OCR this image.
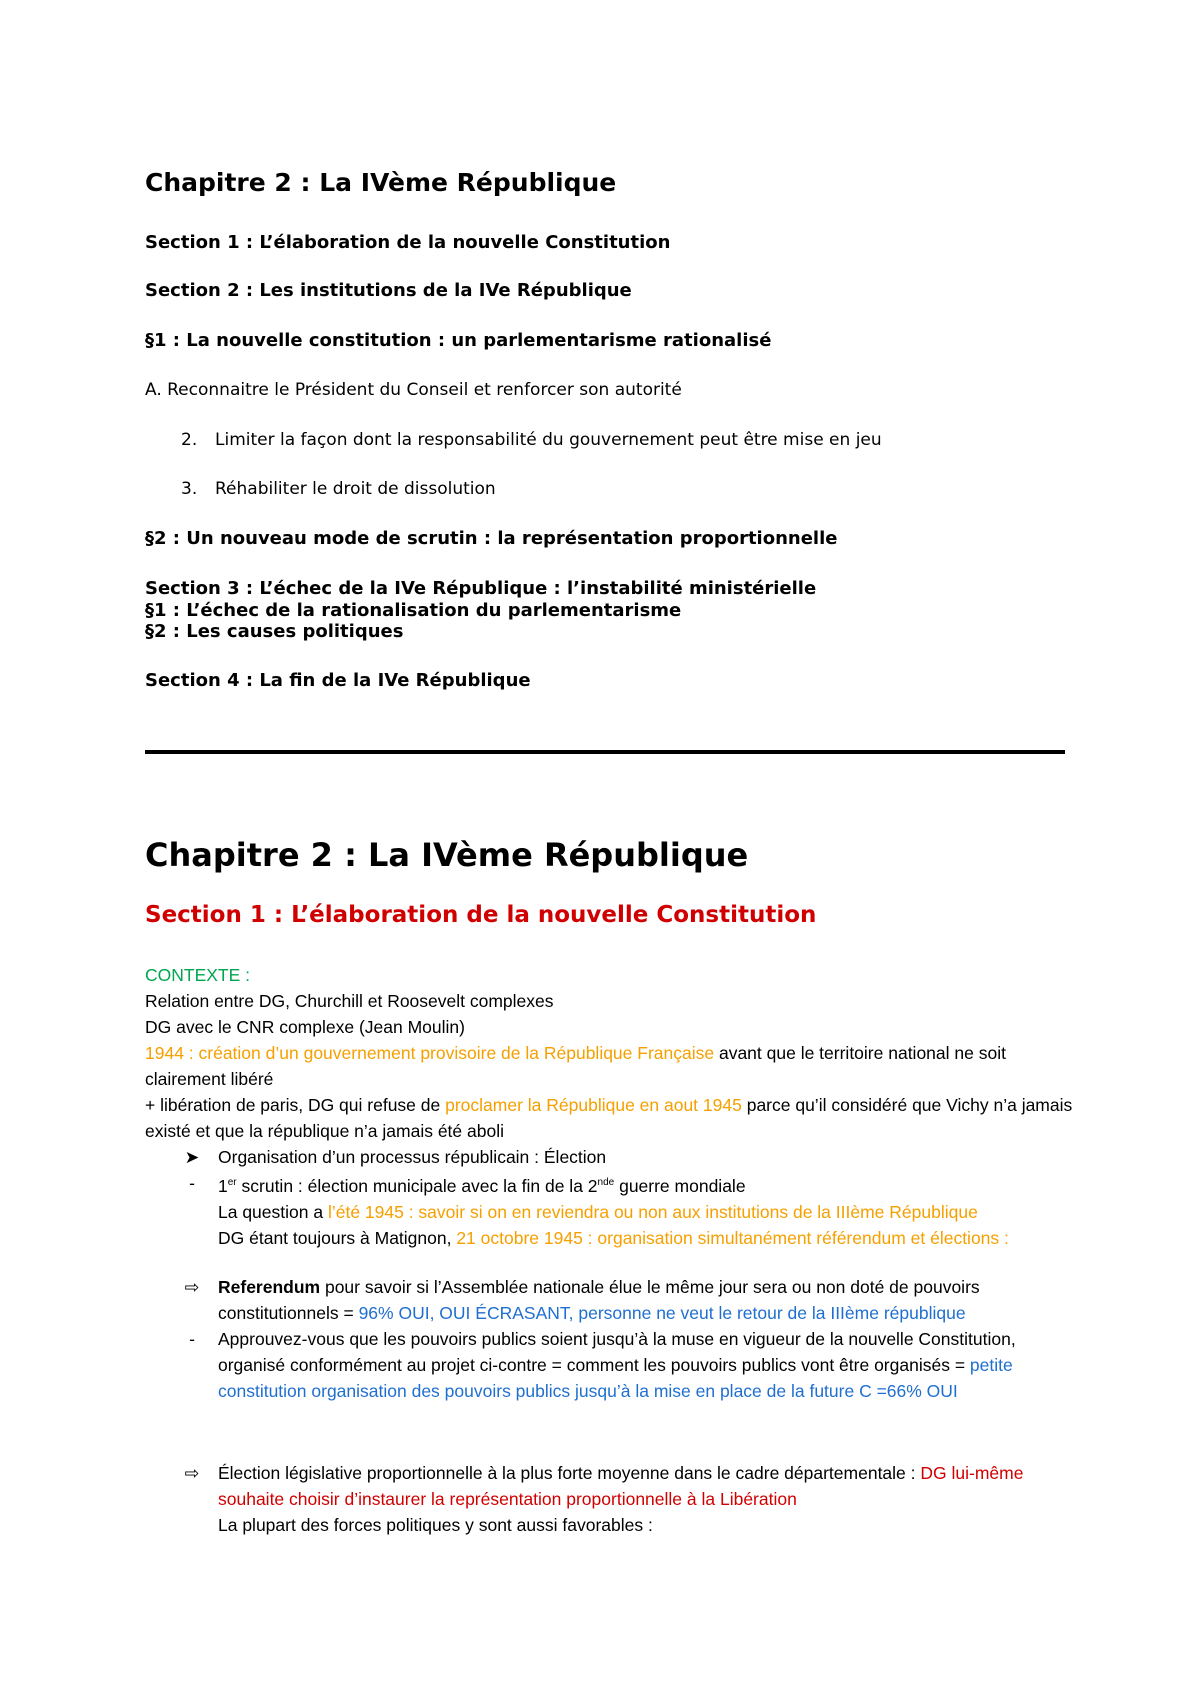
Chapitre 2 : La IVème République
Section 1 : L’élaboration de la nouvelle Constitution
Section 2 : Les institutions de la IVe République
§1 : La nouvelle constitution : un parlementarisme rationalisé
A. Reconnaitre le Président du Conseil et renforcer son autorité
2. Limiter la façon dont la responsabilité du gouvernement peut être mise en jeu
3. Réhabiliter le droit de dissolution
§2 : Un nouveau mode de scrutin : la représentation proportionnelle
Section 3 : L’échec de la IVe République : l’instabilité ministérielle
§1 : L’échec de la rationalisation du parlementarisme
§2 : Les causes politiques
Section 4 : La fin de la IVe République
Chapitre 2 : La IVème République
Section 1 : L’élaboration de la nouvelle Constitution
CONTEXTE :
Relation entre DG, Churchill et Roosevelt complexes
DG avec le CNR complexe (Jean Moulin)
1944 : création d’un gouvernement provisoire de la République Française avant que le territoire national ne soit clairement libéré
+ libération de paris, DG qui refuse de proclamer la République en aout 1945 parce qu’il considéré que Vichy n’a jamais existé et que la république n’a jamais été aboli
➤ Organisation d’un processus républicain : Élection
-	1er scrutin : élection municipale avec la fin de la 2nde guerre mondiale
La question a l’été 1945 : savoir si on en reviendra ou non aux institutions de la IIIème République
DG étant toujours à Matignon, 21 octobre 1945 : organisation simultanément référendum et élections :
⇨ Referendum pour savoir si l’Assemblée nationale élue le même jour sera ou non doté de pouvoirs constitutionnels = 96% OUI, OUI ÉCRASANT, personne ne veut le retour de la IIIème république
-	Approuvez-vous que les pouvoirs publics soient jusqu’à la muse en vigueur de la nouvelle Constitution, organisé conformément au projet ci-contre = comment les pouvoirs publics vont être organisés = petite constitution organisation des pouvoirs publics jusqu’à la mise en place de la future C =66% OUI
⇨ Élection législative proportionnelle à la plus forte moyenne dans le cadre départementale : DG lui-même souhaite choisir d’instaurer la représentation proportionnelle à la Libération
La plupart des forces politiques y sont aussi favorables :
